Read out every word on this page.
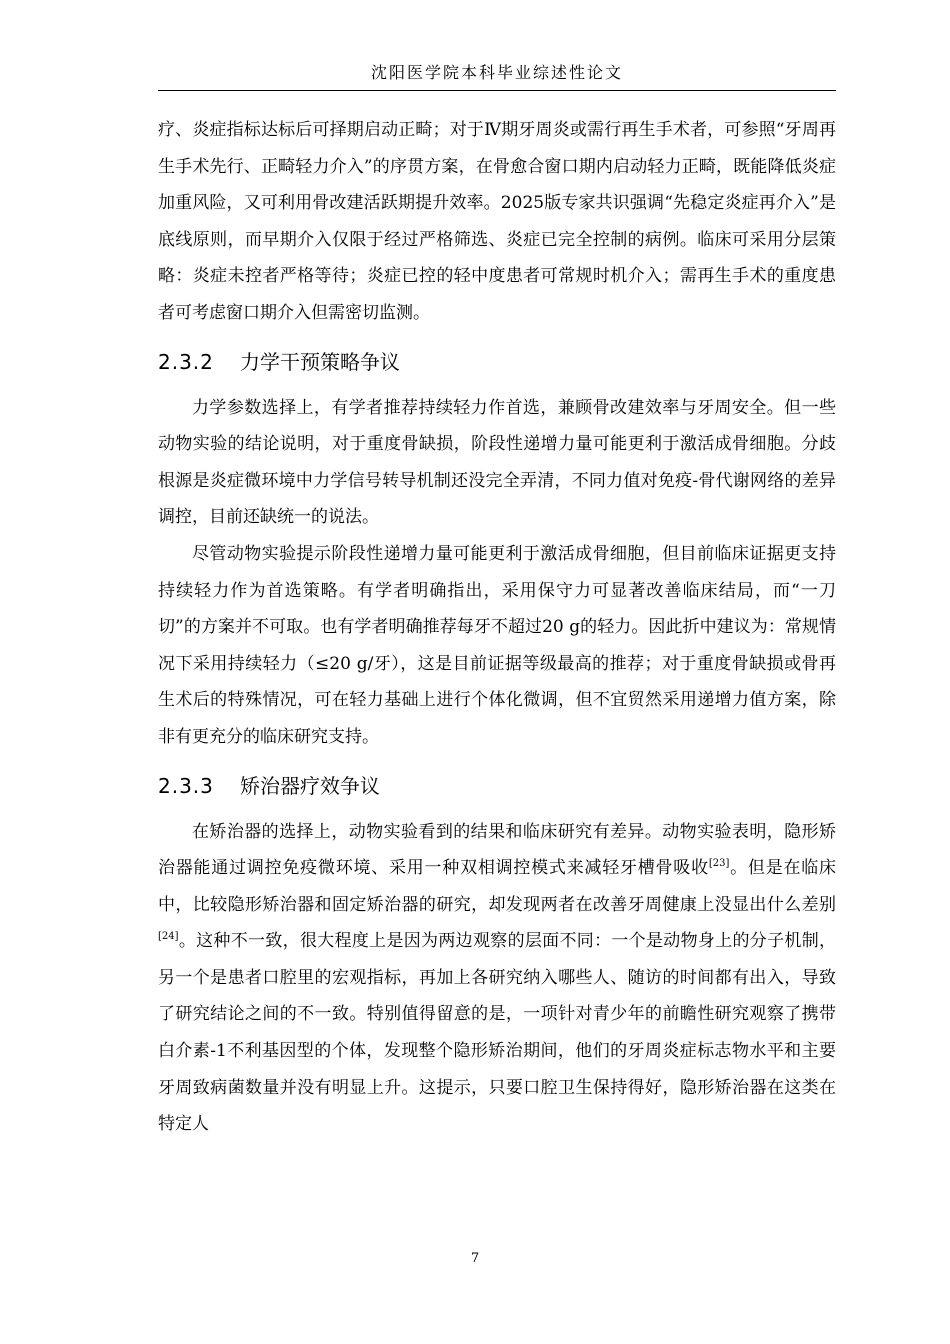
沈阳医学院本科毕业综述性论文

疗、炎症指标达标后可择期启动正畸；对于Ⅳ期牙周炎或需行再生手术者，可参照“牙周再生手术先行、正畸轻力介入”的序贯方案，在骨愈合窗口期内启动轻力正畸，既能降低炎症加重风险，又可利用骨改建活跃期提升效率。2025版专家共识强调“先稳定炎症再介入”是底线原则，而早期介入仅限于经过严格筛选、炎症已完全控制的病例。临床可采用分层策略：炎症未控者严格等待；炎症已控的轻中度患者可常规时机介入；需再生手术的重度患者可考虑窗口期介入但需密切监测。

2.3.2 力学干预策略争议

力学参数选择上，有学者推荐持续轻力作首选，兼顾骨改建效率与牙周安全。但一些动物实验的结论说明，对于重度骨缺损，阶段性递增力量可能更利于激活成骨细胞。分歧根源是炎症微环境中力学信号转导机制还没完全弄清，不同力值对免疫-骨代谢网络的差异调控，目前还缺统一的说法。

尽管动物实验提示阶段性递增力量可能更利于激活成骨细胞，但目前临床证据更支持持续轻力作为首选策略。有学者明确指出，采用保守力可显著改善临床结局，而“一刀切”的方案并不可取。也有学者明确推荐每牙不超过20 g的轻力。因此折中建议为：常规情况下采用持续轻力（≤20 g/牙），这是目前证据等级最高的推荐；对于重度骨缺损或骨再生术后的特殊情况，可在轻力基础上进行个体化微调，但不宜贸然采用递增力值方案，除非有更充分的临床研究支持。

2.3.3 矫治器疗效争议

在矫治器的选择上，动物实验看到的结果和临床研究有差异。动物实验表明，隐形矫治器能通过调控免疫微环境、采用一种双相调控模式来减轻牙槽骨吸收[23]。但是在临床中，比较隐形矫治器和固定矫治器的研究，却发现两者在改善牙周健康上没显出什么差别[24]。这种不一致，很大程度上是因为两边观察的层面不同：一个是动物身上的分子机制，另一个是患者口腔里的宏观指标，再加上各研究纳入哪些人、随访的时间都有出入，导致了研究结论之间的不一致。特别值得留意的是，一项针对青少年的前瞻性研究观察了携带白介素-1不利基因型的个体，发现整个隐形矫治期间，他们的牙周炎症标志物水平和主要牙周致病菌数量并没有明显上升。这提示，只要口腔卫生保持得好，隐形矫治器在这类在特定人

7
